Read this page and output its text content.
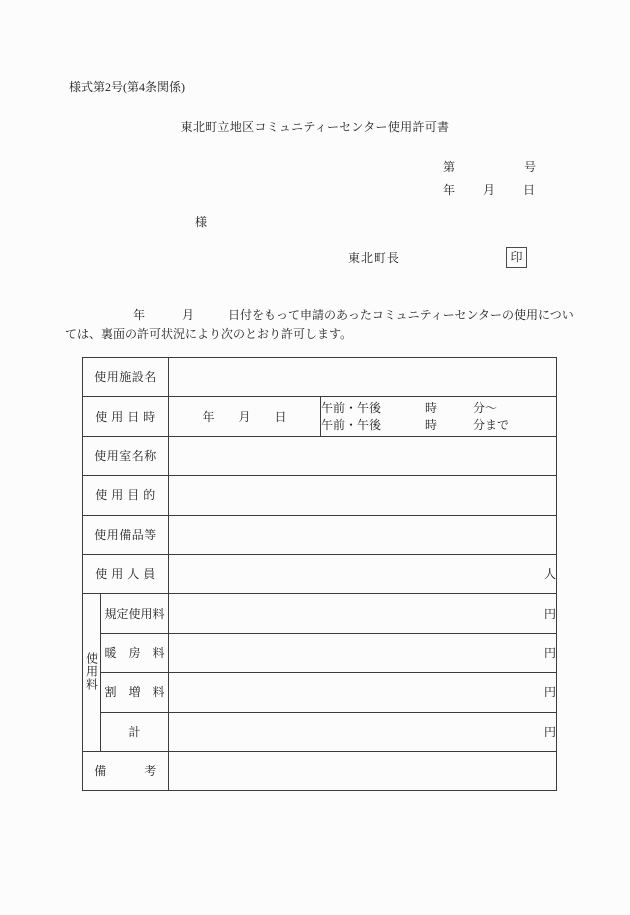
様式第2号(第4条関係)
東北町立地区コミュニティーセンター使用許可書
第	号
年 月 日
様
東北町長	印
年	月	日付をもって申請のあったコミュニティーセンターの使用につい
ては、裏面の許可状況により次のとおり許可します。
使用施設名			
使 用 日 時		年　　月　　日	午前・午後 時 分〜
午前・午後 時 分まで

使用室名称			
使 用 目 的			
使用備品等			
使 用 人 員		人	
使用料	規定使用料	円	
	暖　房　料	円	
	割　増　料	円	
	計	円	
備　　　考			
